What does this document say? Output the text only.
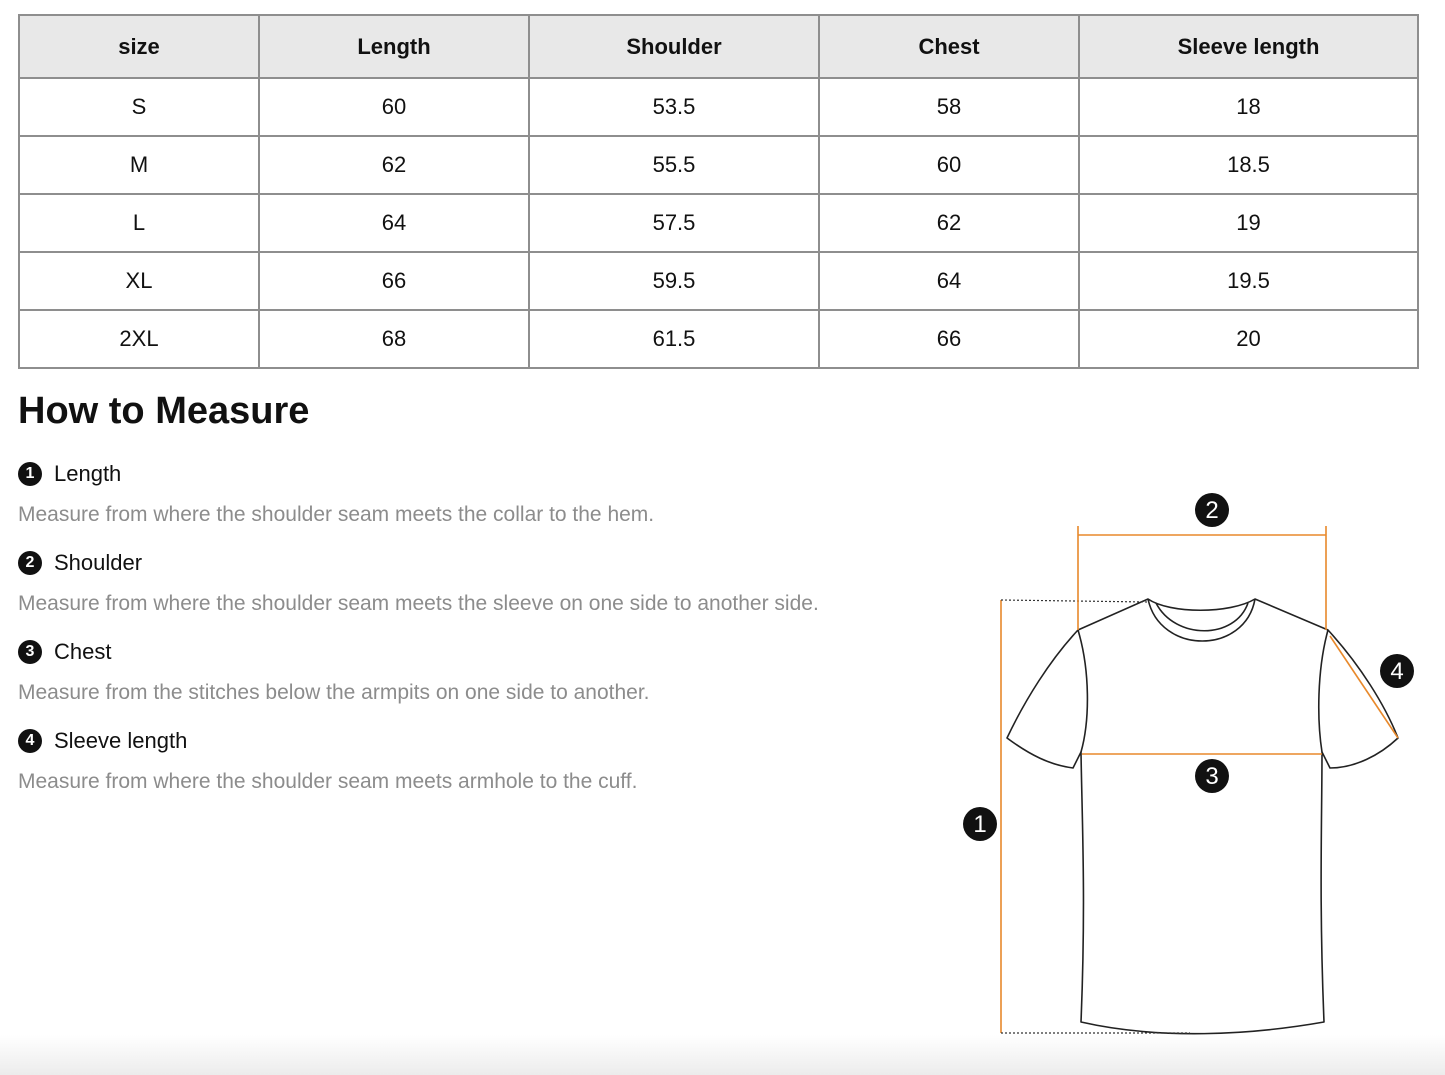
size	Length	Shoulder	Chest	Sleeve length
S	60	53.5	58	18
M	62	55.5	60	18.5
L	64	57.5	62	19
XL	66	59.5	64	19.5
2XL	68	61.5	66	20
How to Measure
1 Length
Measure from where the shoulder seam meets the collar to the hem.
2 Shoulder
Measure from where the shoulder seam meets the sleeve on one side to another side.
3 Chest
Measure from the stitches below the armpits on one side to another.
4 Sleeve length
Measure from where the shoulder seam meets armhole to the cuff.
1
2
3
4
